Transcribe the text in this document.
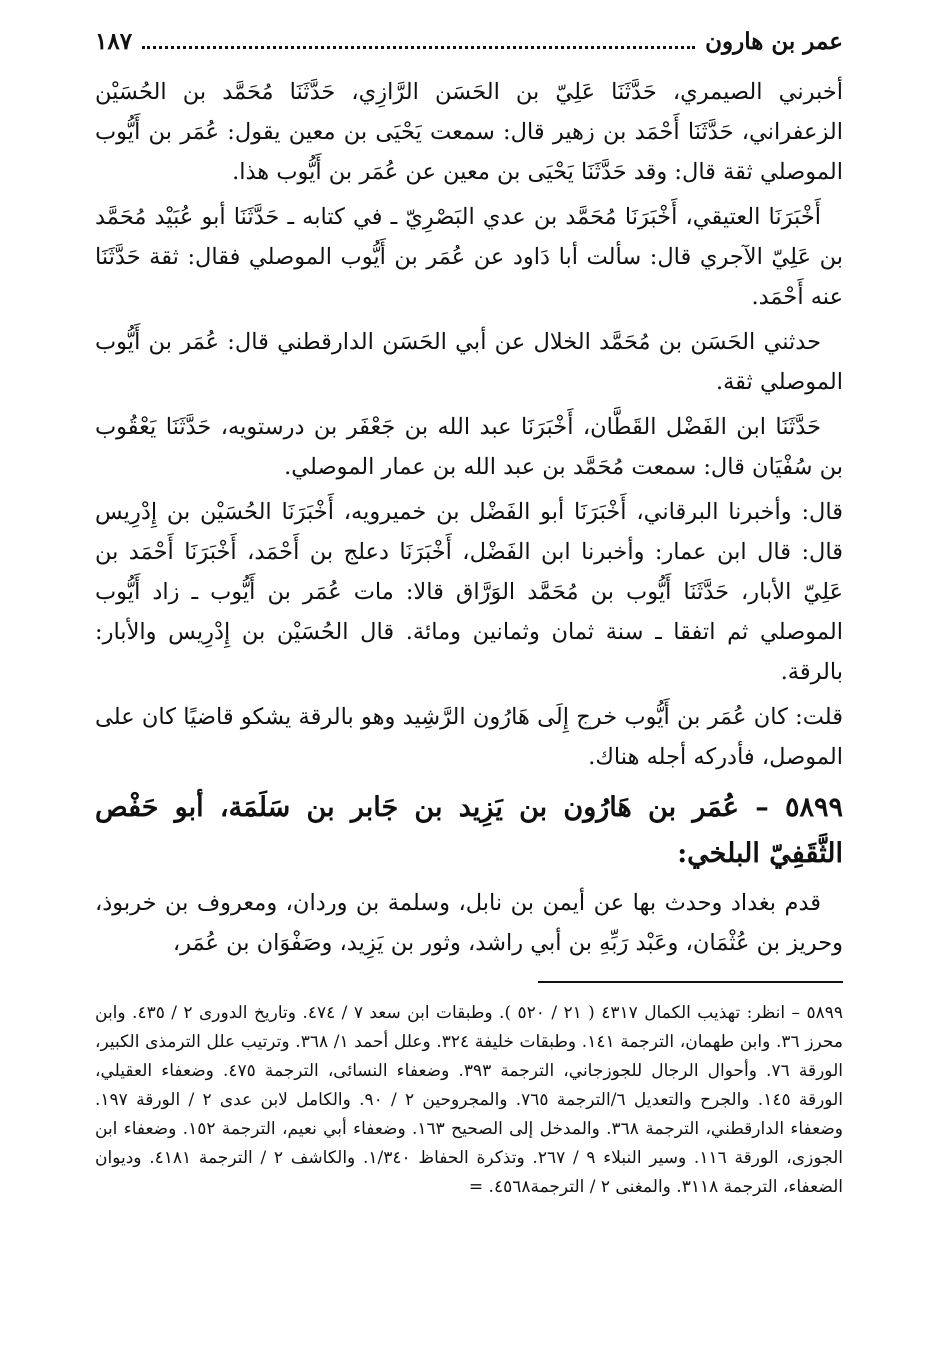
عمر بن هارون
١٨٧

أخبرني الصيمري، حَدَّثَنَا عَلِيّ بن الحَسَن الرَّازِي، حَدَّثَنَا مُحَمَّد بن الحُسَيْن الزعفراني، حَدَّثَنَا أَحْمَد بن زهير قال: سمعت يَحْيَى بن معين يقول: عُمَر بن أَيُّوب الموصلي ثقة قال: وقد حَدَّثَنَا يَحْيَى بن معين عن عُمَر بن أَيُّوب هذا.

أَخْبَرَنَا العتيقي، أَخْبَرَنَا مُحَمَّد بن عدي البَصْرِيّ ـ في كتابه ـ حَدَّثَنَا أبو عُبَيْد مُحَمَّد بن عَلِيّ الآجري قال: سألت أبا دَاود عن عُمَر بن أَيُّوب الموصلي فقال: ثقة حَدَّثَنَا عنه أَحْمَد.

حدثني الحَسَن بن مُحَمَّد الخلال عن أبي الحَسَن الدارقطني قال: عُمَر بن أَيُّوب الموصلي ثقة.

حَدَّثَنَا ابن الفَضْل القَطَّان، أَخْبَرَنَا عبد الله بن جَعْفَر بن درستويه، حَدَّثَنَا يَعْقُوب بن سُفْيَان قال: سمعت مُحَمَّد بن عبد الله بن عمار الموصلي.

قال: وأخبرنا البرقاني، أَخْبَرَنَا أبو الفَضْل بن خميرويه، أَخْبَرَنَا الحُسَيْن بن إِدْرِيس قال: قال ابن عمار: وأخبرنا ابن الفَضْل، أَخْبَرَنَا دعلج بن أَحْمَد، أَخْبَرَنَا أَحْمَد بن عَلِيّ الأبار، حَدَّثَنَا أَيُّوب بن مُحَمَّد الوَرَّاق قالا: مات عُمَر بن أَيُّوب ـ زاد أَيُّوب الموصلي ثم اتفقا ـ سنة ثمان وثمانين ومائة. قال الحُسَيْن بن إِدْرِيس والأبار: بالرقة.

قلت: كان عُمَر بن أَيُّوب خرج إِلَى هَارُون الرَّشِيد وهو بالرقة يشكو قاضيًا كان على الموصل، فأدركه أجله هناك.

٥٨٩٩ – عُمَر بن هَارُون بن يَزِيد بن جَابر بن سَلَمَة، أبو حَفْص الثَّقَفِيّ البلخي:

قدم بغداد وحدث بها عن أيمن بن نابل، وسلمة بن وردان، ومعروف بن خربوذ، وحريز بن عُثْمَان، وعَبْد رَبِّهِ بن أبي راشد، وثور بن يَزِيد، وصَفْوَان بن عُمَر،

٥٨٩٩ – انظر: تهذيب الكمال ٤٣١٧ ( ٢١ / ٥٢٠ ). وطبقات ابن سعد ٧ / ٤٧٤. وتاريخ الدورى ٢ / ٤٣٥. وابن محرز ٣٦. وابن طهمان، الترجمة ١٤١. وطبقات خليفة ٣٢٤. وعلل أحمد ١/ ٣٦٨. وترتيب علل الترمذى الكبير، الورقة ٧٦. وأحوال الرجال للجوزجاني، الترجمة ٣٩٣. وضعفاء النسائى، الترجمة ٤٧٥. وضعفاء العقيلي، الورقة ١٤٥. والجرح والتعديل ٦/الترجمة ٧٦٥. والمجروحين ٢ / ٩٠. والكامل لابن عدى ٢ / الورقة ١٩٧. وضعفاء الدارقطني، الترجمة ٣٦٨. والمدخل إلى الصحيح ١٦٣. وضعفاء أبي نعيم، الترجمة ١٥٢. وضعفاء ابن الجوزى، الورقة ١١٦. وسير النبلاء ٩ / ٢٦٧. وتذكرة الحفاظ ١/٣٤٠. والكاشف ٢ / الترجمة ٤١٨١. وديوان الضعفاء، الترجمة ٣١١٨. والمغنى ٢ / الترجمة٤٥٦٨. =
